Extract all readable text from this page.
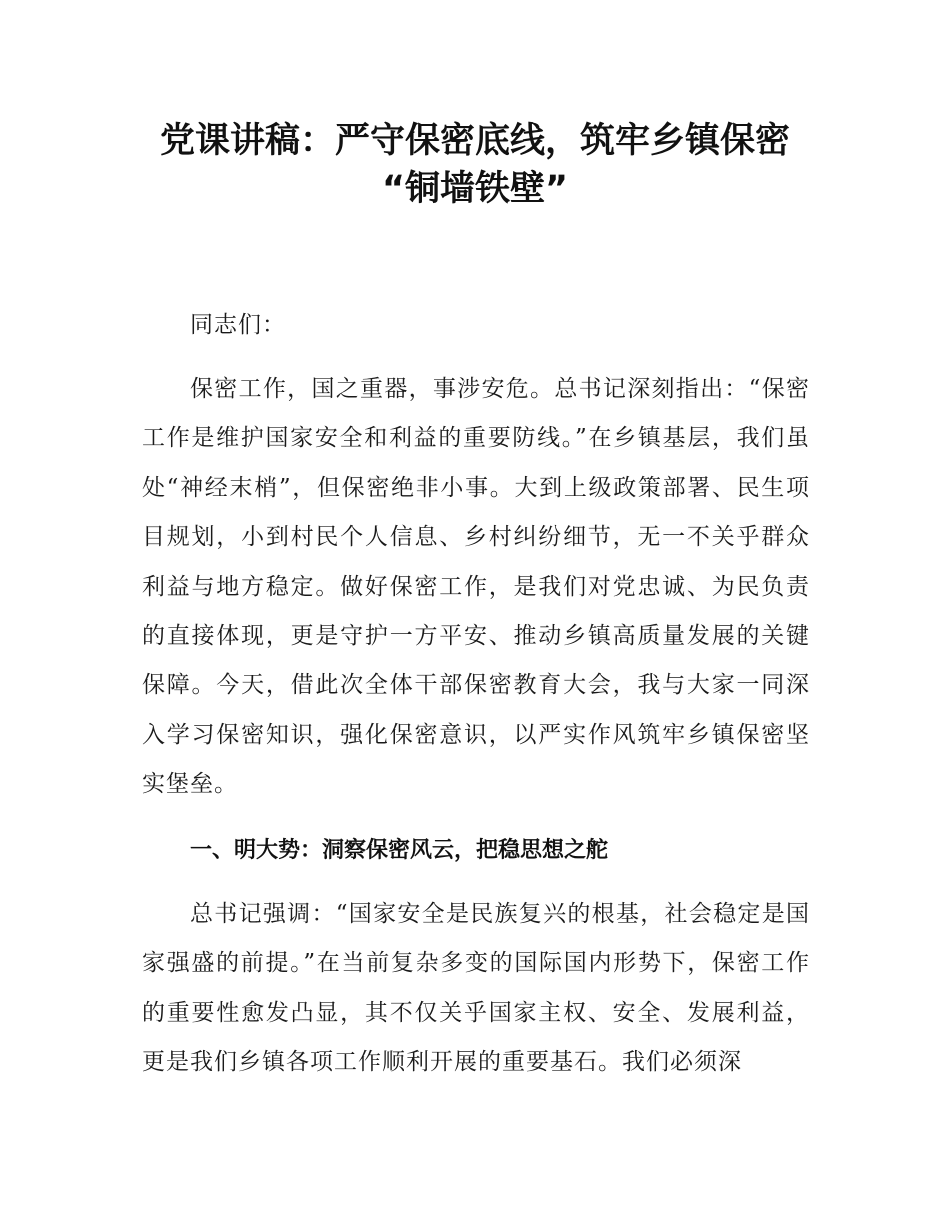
党课讲稿：严守保密底线，筑牢乡镇保密
“铜墙铁壁”

同志们：

保密工作，国之重器，事涉安危。总书记深刻指出：“保密工作是维护国家安全和利益的重要防线。”在乡镇基层，我们虽处“神经末梢”，但保密绝非小事。大到上级政策部署、民生项目规划，小到村民个人信息、乡村纠纷细节，无一不关乎群众利益与地方稳定。做好保密工作，是我们对党忠诚、为民负责的直接体现，更是守护一方平安、推动乡镇高质量发展的关键保障。今天，借此次全体干部保密教育大会，我与大家一同深入学习保密知识，强化保密意识，以严实作风筑牢乡镇保密坚实堡垒。

一、明大势：洞察保密风云，把稳思想之舵

总书记强调：“国家安全是民族复兴的根基，社会稳定是国家强盛的前提。”在当前复杂多变的国际国内形势下，保密工作的重要性愈发凸显，其不仅关乎国家主权、安全、发展利益，更是我们乡镇各项工作顺利开展的重要基石。我们必须深
